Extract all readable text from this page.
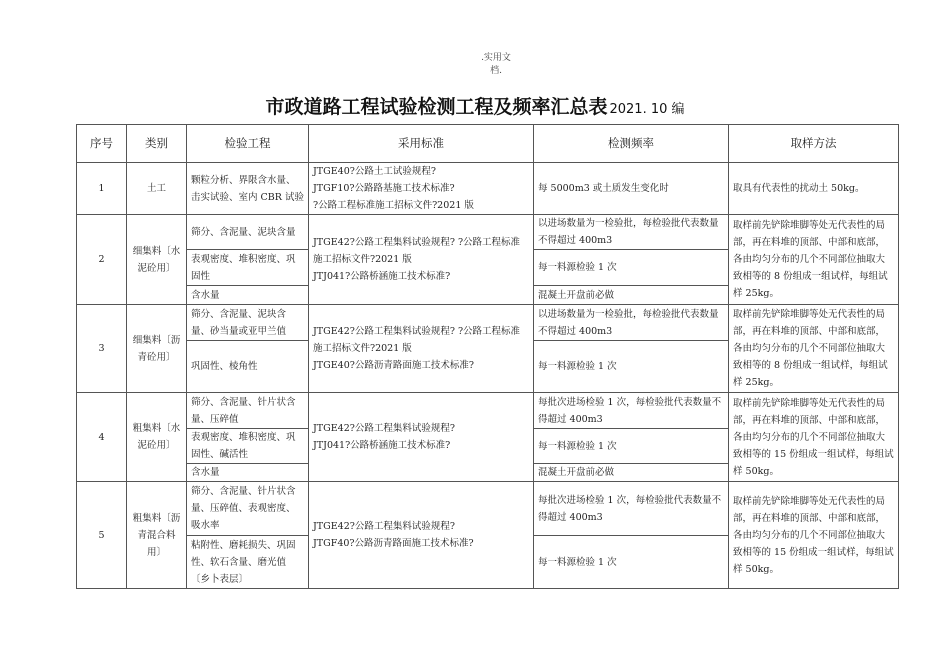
.实用文
档.
市政道路工程试验检测工程及频率汇总表 2021. 10 编
序号	类别	检验工程	采用标准	检测频率	取样方法
1	土工	颗粒分析、界限含水量、击实试验、室内 CBR 试验	JTGE40?公路土工试验规程?
JTGF10?公路路基施工技术标准?
?公路工程标准施工招标文件?2021 版	每 5000m3 或土质发生变化时	取具有代表性的扰动土 50kg。
2	细集料〔水泥砼用〕	筛分、含泥量、泥块含量	JTGE42?公路工程集料试验规程? ?公路工程标准施工招标文件?2021 版
JTJ041?公路桥涵施工技术标准?	以进场数量为一检验批，每检验批代表数量不得超过 400m3	取样前先铲除堆脚等处无代表性的局部，再在料堆的顶部、中部和底部，各由均匀分布的几个不同部位抽取大致相等的 8 份组成一组试样，每组试样 25kg。
		表观密度、堆积密度、巩固性		每一料源检验 1 次	
		含水量		混凝土开盘前必做	
3	细集料〔沥青砼用〕	筛分、含泥量、泥块含量、砂当量或亚甲兰值	JTGE42?公路工程集料试验规程? ?公路工程标准施工招标文件?2021 版
JTGE40?公路沥青路面施工技术标准?	以进场数量为一检验批，每检验批代表数量不得超过 400m3	取样前先铲除堆脚等处无代表性的局部，再在料堆的顶部、中部和底部，各由均匀分布的几个不同部位抽取大致相等的 8 份组成一组试样，每组试样 25kg。
		巩固性、棱角性		每一料源检验 1 次	
4	粗集料〔水泥砼用〕	筛分、含泥量、针片状含量、压碎值	JTGE42?公路工程集料试验规程?
JTJ041?公路桥涵施工技术标准?	每批次进场检验 1 次，每检验批代表数量不得超过 400m3	取样前先铲除堆脚等处无代表性的局部，再在料堆的顶部、中部和底部，各由均匀分布的几个不同部位抽取大致相等的 15 份组成一组试样，每组试样 50kg。
		表观密度、堆积密度、巩固性、碱活性		每一料源检验 1 次	
		含水量		混凝土开盘前必做	
5	粗集料〔沥青混合料用〕	筛分、含泥量、针片状含量、压碎值、表观密度、吸水率	JTGE42?公路工程集料试验规程?
JTGF40?公路沥青路面施工技术标准?	每批次进场检验 1 次，每检验批代表数量不得超过 400m3	取样前先铲除堆脚等处无代表性的局部，再在料堆的顶部、中部和底部，各由均匀分布的几个不同部位抽取大致相等的 15 份组成一组试样，每组试样 50kg。
		粘附性、磨耗损失、巩固性、软石含量、磨光值〔乡卜表层〕		每一料源检验 1 次	
